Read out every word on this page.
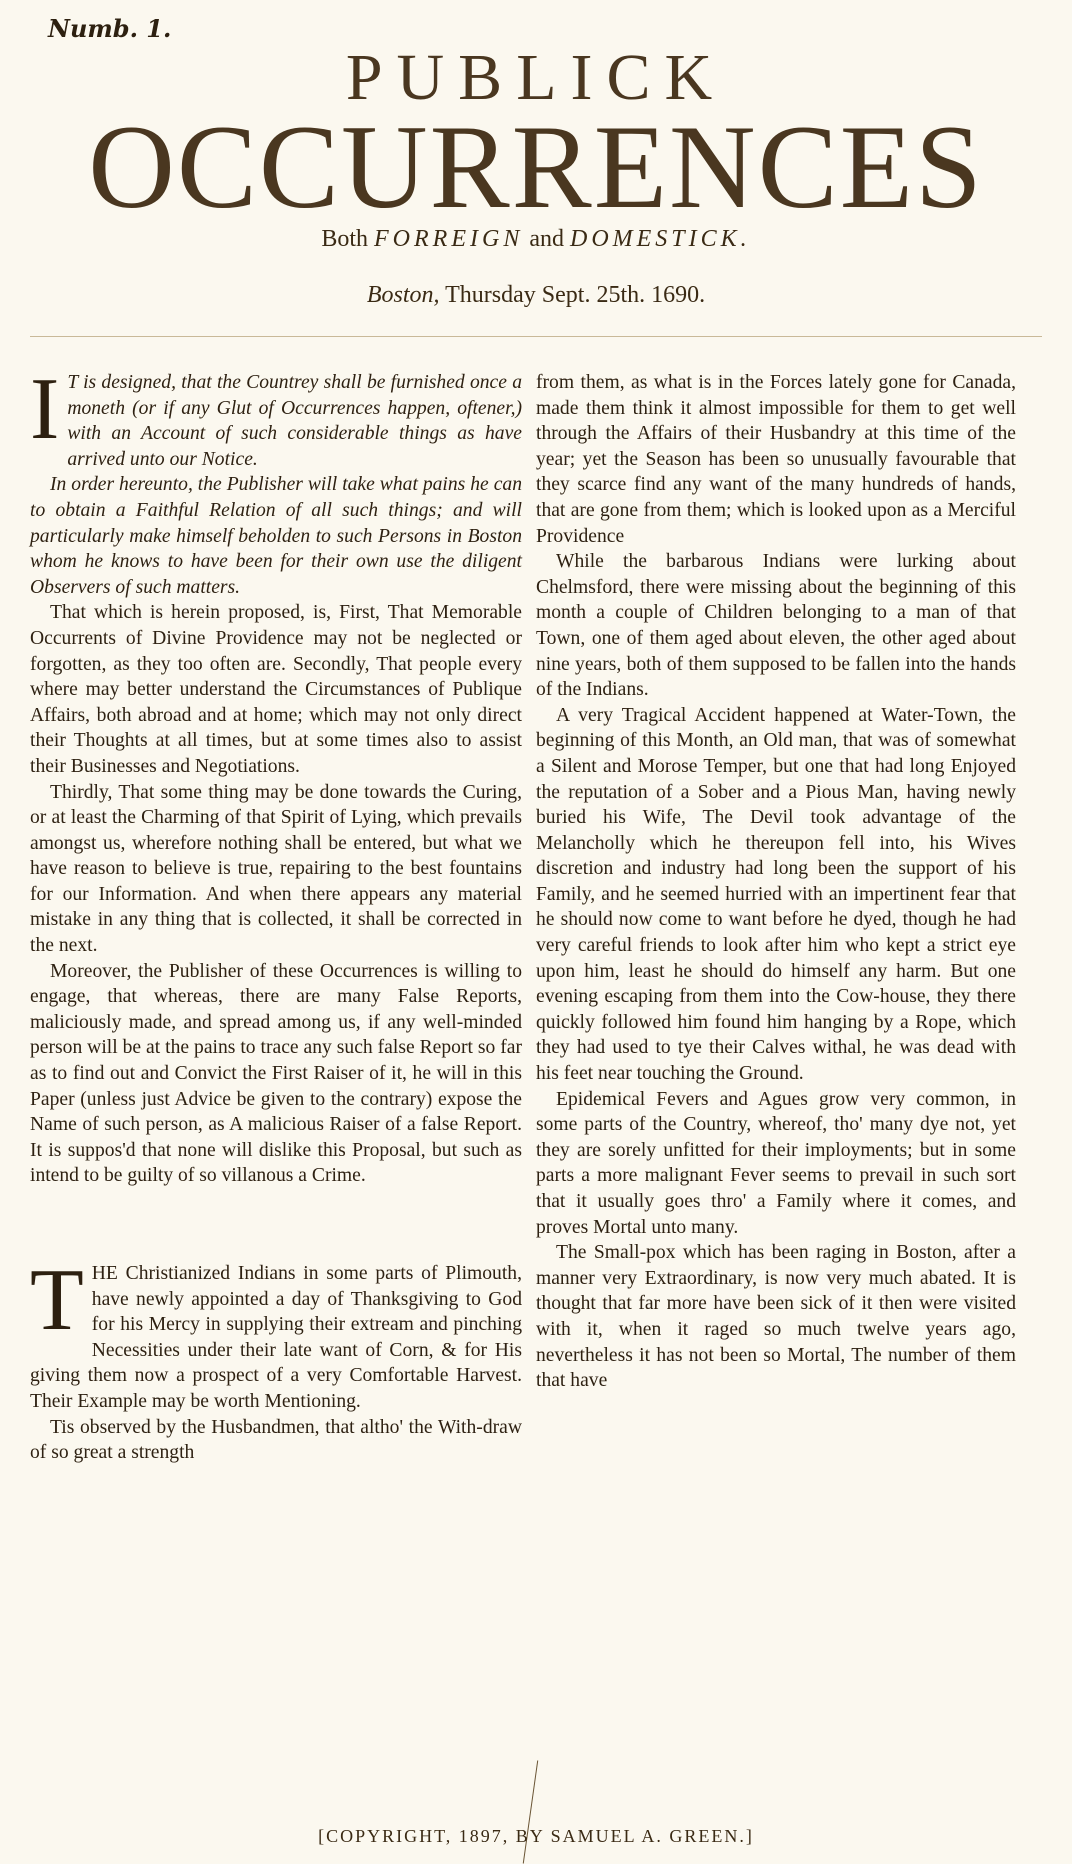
Numb. 1.
PUBLICK
OCCURRENCES
Both FORREIGN and DOMESTICK.
Boston, Thursday Sept. 25th. 1690.

I T is designed, that the Countrey shall be furnished once a moneth (or if any Glut of Occurrences happen, oftener,) with an Account of such considerable things as have arrived unto our Notice.

In order hereunto, the Publisher will take what pains he can to obtain a Faithful Relation of all such things; and will particularly make himself beholden to such Persons in Boston whom he knows to have been for their own use the diligent Observers of such matters.

That which is herein proposed, is, First, That Memorable Occurrents of Divine Providence may not be neglected or forgotten, as they too often are. Secondly, That people every where may better understand the Circumstances of Publique Affairs, both abroad and at home; which may not only direct their Thoughts at all times, but at some times also to assist their Businesses and Negotiations.

Thirdly, That some thing may be done towards the Curing, or at least the Charming of that Spirit of Lying, which prevails amongst us, wherefore nothing shall be entered, but what we have reason to believe is true, repairing to the best fountains for our Information. And when there appears any material mistake in any thing that is collected, it shall be corrected in the next.

Moreover, the Publisher of these Occurrences is willing to engage, that whereas, there are many False Reports, maliciously made, and spread among us, if any well-minded person will be at the pains to trace any such false Report so far as to find out and Convict the First Raiser of it, he will in this Paper (unless just Advice be given to the contrary) expose the Name of such person, as A malicious Raiser of a false Report. It is suppos'd that none will dislike this Proposal, but such as intend to be guilty of so villanous a Crime.

THE Christianized Indians in some parts of Plimouth, have newly appointed a day of Thanksgiving to God for his Mercy in supplying their extream and pinching Necessities under their late want of Corn, & for His giving them now a prospect of a very Comfortable Harvest. Their Example may be worth Mentioning.

Tis observed by the Husbandmen, that altho' the With-draw of so great a strength

from them, as what is in the Forces lately gone for Canada, made them think it almost impossible for them to get well through the Affairs of their Husbandry at this time of the year; yet the Season has been so unusually favourable that they scarce find any want of the many hundreds of hands, that are gone from them; which is looked upon as a Merciful Providence

While the barbarous Indians were lurking about Chelmsford, there were missing about the beginning of this month a couple of Children belonging to a man of that Town, one of them aged about eleven, the other aged about nine years, both of them supposed to be fallen into the hands of the Indians.

A very Tragical Accident happened at Water-Town, the beginning of this Month, an Old man, that was of somewhat a Silent and Morose Temper, but one that had long Enjoyed the reputation of a Sober and a Pious Man, having newly buried his Wife, The Devil took advantage of the Melancholly which he thereupon fell into, his Wives discretion and industry had long been the support of his Family, and he seemed hurried with an impertinent fear that he should now come to want before he dyed, though he had very careful friends to look after him who kept a strict eye upon him, least he should do himself any harm. But one evening escaping from them into the Cow-house, they there quickly followed him found him hanging by a Rope, which they had used to tye their Calves withal, he was dead with his feet near touching the Ground.

Epidemical Fevers and Agues grow very common, in some parts of the Country, whereof, tho' many dye not, yet they are sorely unfitted for their imployments; but in some parts a more malignant Fever seems to prevail in such sort that it usually goes thro' a Family where it comes, and proves Mortal unto many.

The Small-pox which has been raging in Boston, after a manner very Extraordinary, is now very much abated. It is thought that far more have been sick of it then were visited with it, when it raged so much twelve years ago, nevertheless it has not been so Mortal, The number of them that have

[COPYRIGHT, 1897, BY SAMUEL A. GREEN.]
